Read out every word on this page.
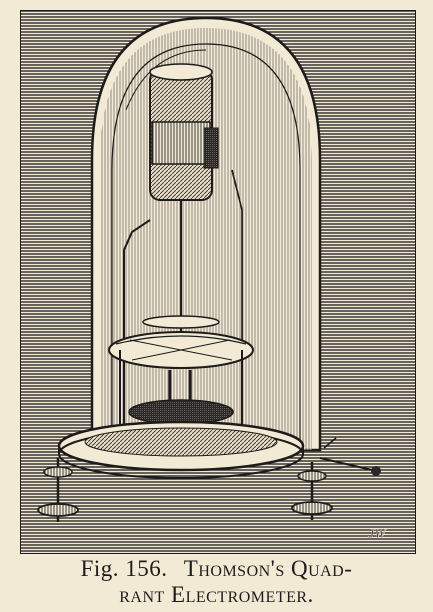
JW
Fig. 156. Thomson's Quad-
rant Electrometer.
